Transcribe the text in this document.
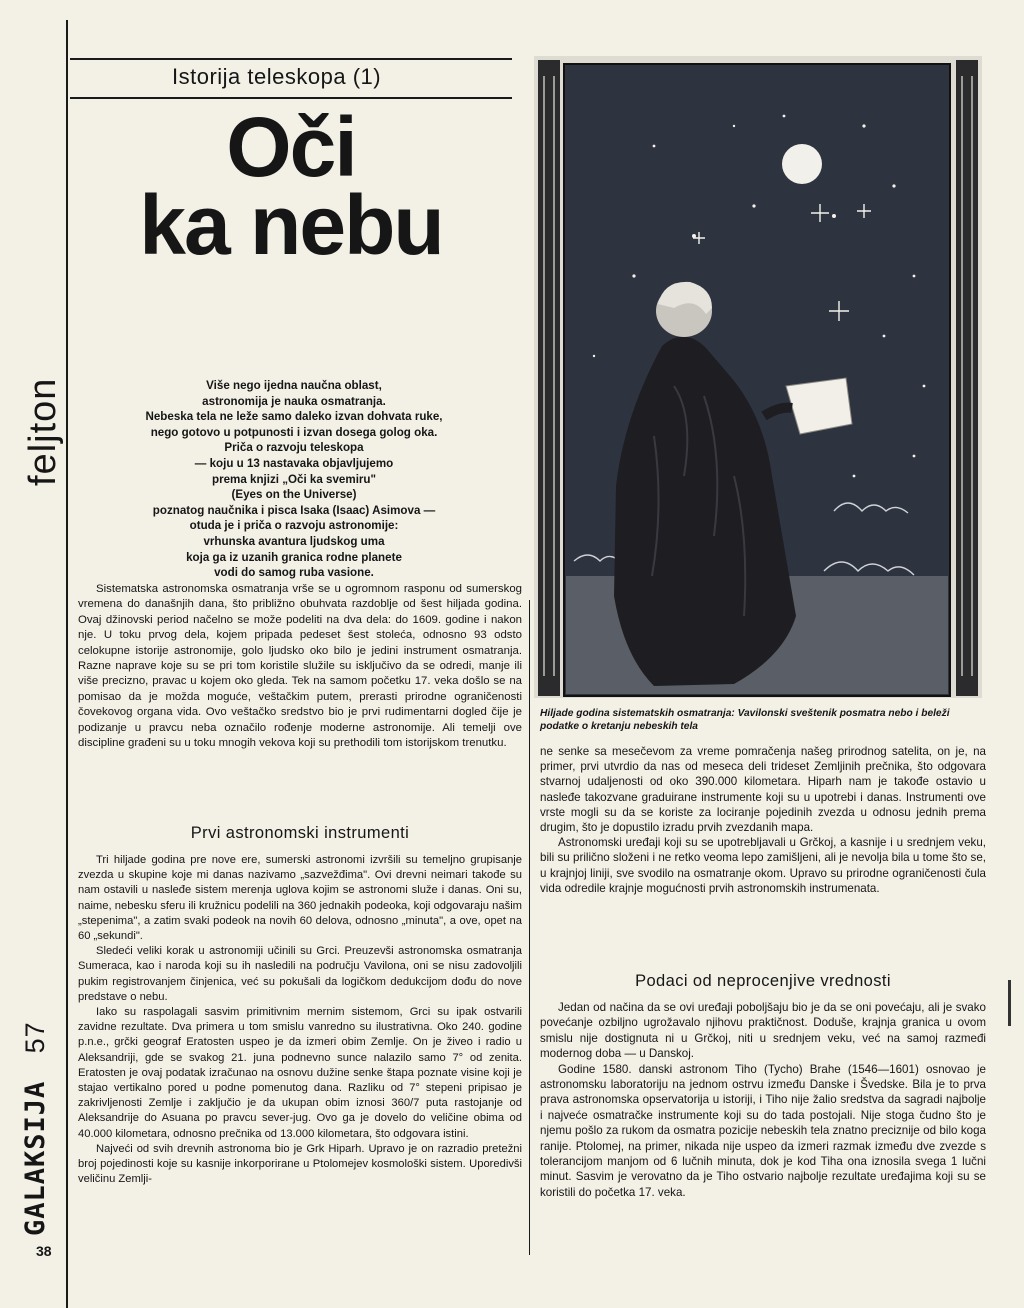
feljton
GALAKSIJA 57
38
Istorija teleskopa (1)
Oči
ka nebu
Više nego ijedna naučna oblast,
astronomija je nauka osmatranja.
Nebeska tela ne leže samo daleko izvan dohvata ruke,
nego gotovo u potpunosti i izvan dosega golog oka.
Priča o razvoju teleskopa
— koju u 13 nastavaka objavljujemo
prema knjizi „Oči ka svemiru"
(Eyes on the Universe)
poznatog naučnika i pisca Isaka (Isaac) Asimova —
otuda je i priča o razvoju astronomije:
vrhunska avantura ljudskog uma
koja ga iz uzanih granica rodne planete
vodi do samog ruba vasione.

Sistematska astronomska osmatranja vrše se u ogromnom rasponu od sumerskog vremena do današnjih dana, što približno obuhvata razdoblje od šest hiljada godina. Ovaj džinovski period načelno se može podeliti na dva dela: do 1609. godine i nakon nje. U toku prvog dela, kojem pripada pedeset šest stoleća, odnosno 93 odsto celokupne istorije astronomije, golo ljudsko oko bilo je jedini instrument osmatranja. Razne naprave koje su se pri tom koristile služile su isključivo da se odredi, manje ili više precizno, pravac u kojem oko gleda. Tek na samom početku 17. veka došlo se na pomisao da je možda moguće, veštačkim putem, prerasti prirodne ograničenosti čovekovog organa vida. Ovo veštačko sredstvo bio je prvi rudimentarni dogled čije je podizanje u pravcu neba označilo rođenje moderne astronomije. Ali temelji ove discipline građeni su u toku mnogih vekova koji su prethodili tom istorijskom trenutku.

Prvi astronomski instrumenti

Tri hiljade godina pre nove ere, sumerski astronomi izvršili su temeljno grupisanje zvezda u skupine koje mi danas nazivamo „sazvežđima". Ovi drevni neimari takođe su nam ostavili u nasleđe sistem merenja uglova kojim se astronomi služe i danas. Oni su, naime, nebesku sferu ili kružnicu podelili na 360 jednakih podeoka, koji odgovaraju našim „stepenima", a zatim svaki podeok na novih 60 delova, odnosno „minuta", a ove, opet na 60 „sekundi".

Sledeći veliki korak u astronomiji učinili su Grci. Preuzevši astronomska osmatranja Sumeraca, kao i naroda koji su ih nasledili na području Vavilona, oni se nisu zadovoljili pukim registrovanjem činjenica, već su pokušali da logičkom dedukcijom dođu do nove predstave o nebu.

Iako su raspolagali sasvim primitivnim mernim sistemom, Grci su ipak ostvarili zavidne rezultate. Dva primera u tom smislu vanredno su ilustrativna. Oko 240. godine p.n.e., grčki geograf Eratosten uspeo je da izmeri obim Zemlje. On je živeo i radio u Aleksandriji, gde se svakog 21. juna podnevno sunce nalazilo samo 7° od zenita. Eratosten je ovaj podatak izračunao na osnovu dužine senke štapa poznate visine koji je stajao vertikalno pored u podne pomenutog dana. Razliku od 7° stepeni pripisao je zakrivljenosti Zemlje i zaključio je da ukupan obim iznosi 360/7 puta rastojanje od Aleksandrije do Asuana po pravcu sever-jug. Ovo ga je dovelo do veličine obima od 40.000 kilometara, odnosno prečnika od 13.000 kilometara, što odgovara istini.

Najveći od svih drevnih astronoma bio je Grk Hiparh. Upravo je on razradio pretežni broj pojedinosti koje su kasnije inkorporirane u Ptolomejev kosmološki sistem. Uporedivši veličinu Zemlji-

Hiljade godina sistematskih osmatranja: Vavilonski sveštenik posmatra nebo i beleži podatke o kretanju nebeskih tela

ne senke sa mesečevom za vreme pomračenja našeg prirodnog satelita, on je, na primer, prvi utvrdio da nas od meseca deli trideset Zemljinih prečnika, što odgovara stvarnoj udaljenosti od oko 390.000 kilometara. Hiparh nam je takođe ostavio u nasleđe takozvane graduirane instrumente koji su u upotrebi i danas. Instrumenti ove vrste mogli su da se koriste za lociranje pojedinih zvezda u odnosu jednih prema drugim, što je dopustilo izradu prvih zvezdanih mapa.

Astronomski uređaji koji su se upotrebljavali u Grčkoj, a kasnije i u srednjem veku, bili su prilično složeni i ne retko veoma lepo zamišljeni, ali je nevolja bila u tome što se, u krajnjoj liniji, sve svodilo na osmatranje okom. Upravo su prirodne ograničenosti čula vida odredile krajnje mogućnosti prvih astronomskih instrumenata.

Podaci od neprocenjive vrednosti

Jedan od načina da se ovi uređaji poboljšaju bio je da se oni povećaju, ali je svako povećanje ozbiljno ugrožavalo njihovu praktičnost. Doduše, krajnja granica u ovom smislu nije dostignuta ni u Grčkoj, niti u srednjem veku, već na samoj razmeđi modernog doba — u Danskoj.

Godine 1580. danski astronom Tiho (Tycho) Brahe (1546—1601) osnovao je astronomsku laboratoriju na jednom ostrvu između Danske i Švedske. Bila je to prva prava astronomska opservatorija u istoriji, i Tiho nije žalio sredstva da sagradi najbolje i najveće osmatračke instrumente koji su do tada postojali. Nije stoga čudno što je njemu pošlo za rukom da osmatra pozicije nebeskih tela znatno preciznije od bilo koga ranije. Ptolomej, na primer, nikada nije uspeo da izmeri razmak između dve zvezde s tolerancijom manjom od 6 lučnih minuta, dok je kod Tiha ona iznosila svega 1 lučni minut. Sasvim je verovatno da je Tiho ostvario najbolje rezultate uređajima koji su se koristili do početka 17. veka.
